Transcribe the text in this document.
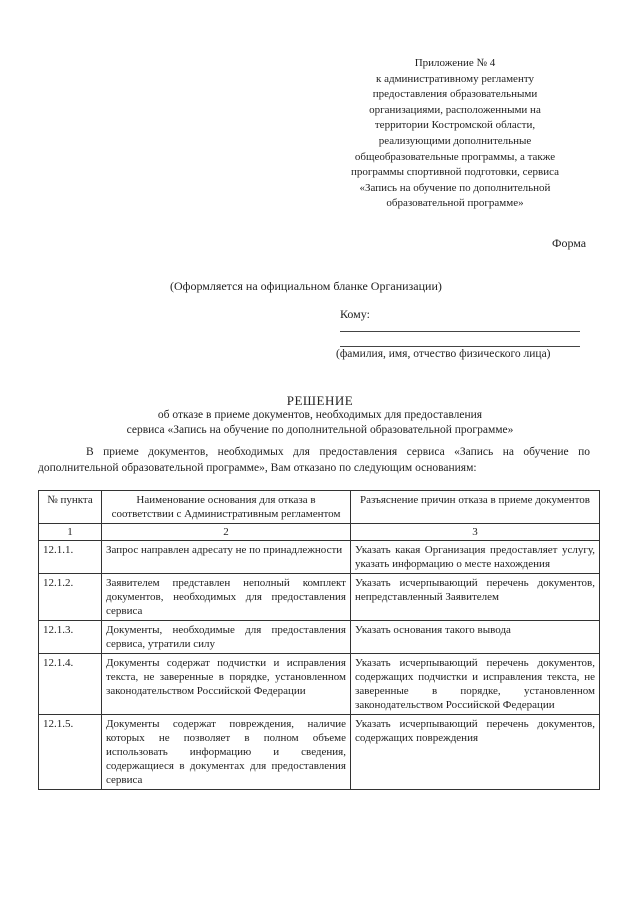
Приложение № 4
к административному регламенту
предоставления образовательными
организациями, расположенными на
территории Костромской области,
реализующими дополнительные
общеобразовательные программы, а также
программы спортивной подготовки, сервиса
«Запись на обучение по дополнительной
образовательной программе»
Форма
(Оформляется на официальном бланке Организации)
Кому:
(фамилия, имя, отчество физического лица)
РЕШЕНИЕ
об отказе в приеме документов, необходимых для предоставления
сервиса «Запись на обучение по дополнительной образовательной программе»
В приеме документов, необходимых для предоставления сервиса «Запись на обучение по дополнительной образовательной программе», Вам отказано по следующим основаниям:
№ пункта	Наименование основания для отказа в соответствии с Административным регламентом	Разъяснение причин отказа в приеме документов
1	2	3
12.1.1.	Запрос направлен адресату не по принадлежности	Указать какая Организация предоставляет услугу, указать информацию о месте нахождения
12.1.2.	Заявителем представлен неполный комплект документов, необходимых для предоставления сервиса	Указать исчерпывающий перечень документов, непредставленный Заявителем
12.1.3.	Документы, необходимые для предоставления сервиса, утратили силу	Указать основания такого вывода
12.1.4.	Документы содержат подчистки и исправления текста, не заверенные в порядке, установленном законодательством Российской Федерации	Указать исчерпывающий перечень документов, содержащих подчистки и исправления текста, не заверенные в порядке, установленном законодательством Российской Федерации
12.1.5.	Документы содержат повреждения, наличие которых не позволяет в полном объеме использовать информацию и сведения, содержащиеся в документах для предоставления сервиса	Указать исчерпывающий перечень документов, содержащих повреждения
